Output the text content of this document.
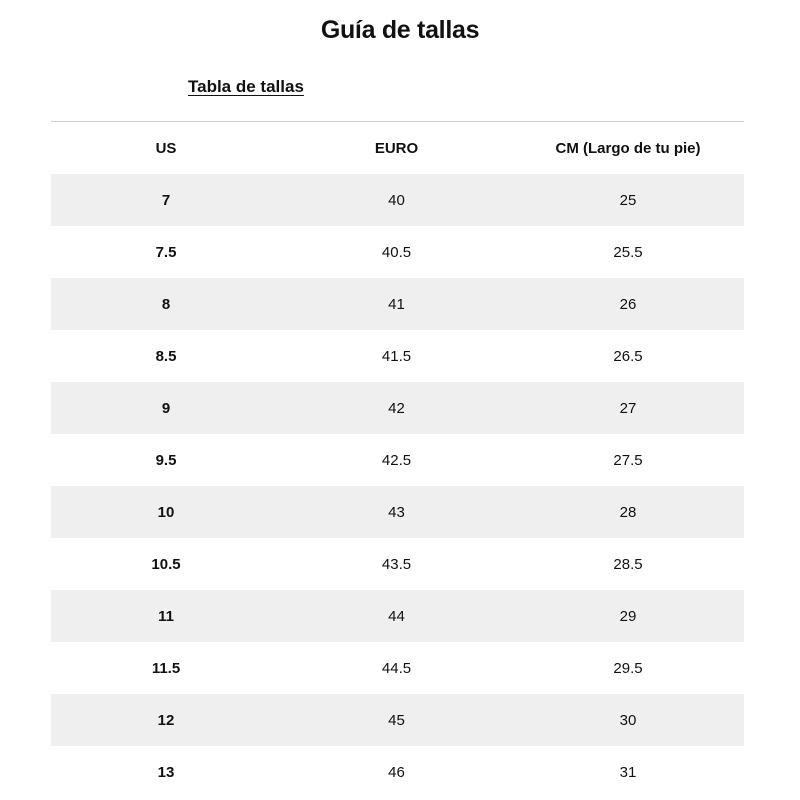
Guía de tallas
Tabla de tallas
US	EURO	CM (Largo de tu pie)
7	40	25
7.5	40.5	25.5
8	41	26
8.5	41.5	26.5
9	42	27
9.5	42.5	27.5
10	43	28
10.5	43.5	28.5
11	44	29
11.5	44.5	29.5
12	45	30
13	46	31
